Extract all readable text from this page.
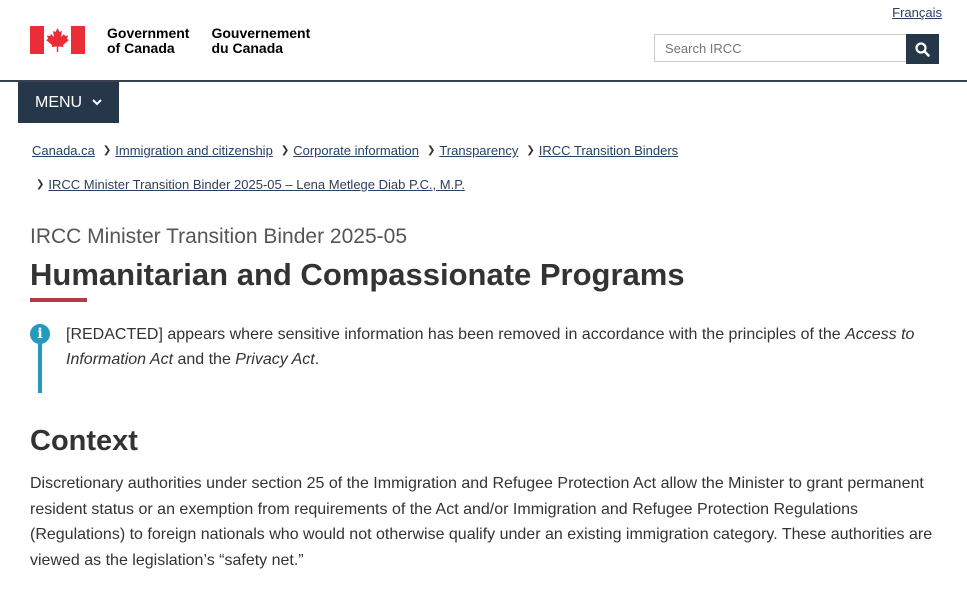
Français
Government
of Canada
Gouvernement
du Canada
Search IRCC
MENU
Canada.ca ❯ Immigration and citizenship ❯ Corporate information ❯ Transparency ❯ IRCC Transition Binders
❯ IRCC Minister Transition Binder 2025-05 – Lena Metlege Diab P.C., M.P.
IRCC Minister Transition Binder 2025-05
Humanitarian and Compassionate Programs
i	[REDACTED] appears where sensitive information has been removed in accordance with the principles of the Access to Information Act and the Privacy Act.
Context

Discretionary authorities under section 25 of the Immigration and Refugee Protection Act allow the Minister to grant permanent resident status or an exemption from requirements of the Act and/or Immigration and Refugee Protection Regulations (Regulations) to foreign nationals who would not otherwise qualify under an existing immigration category. These authorities are viewed as the legislation’s “safety net.”
